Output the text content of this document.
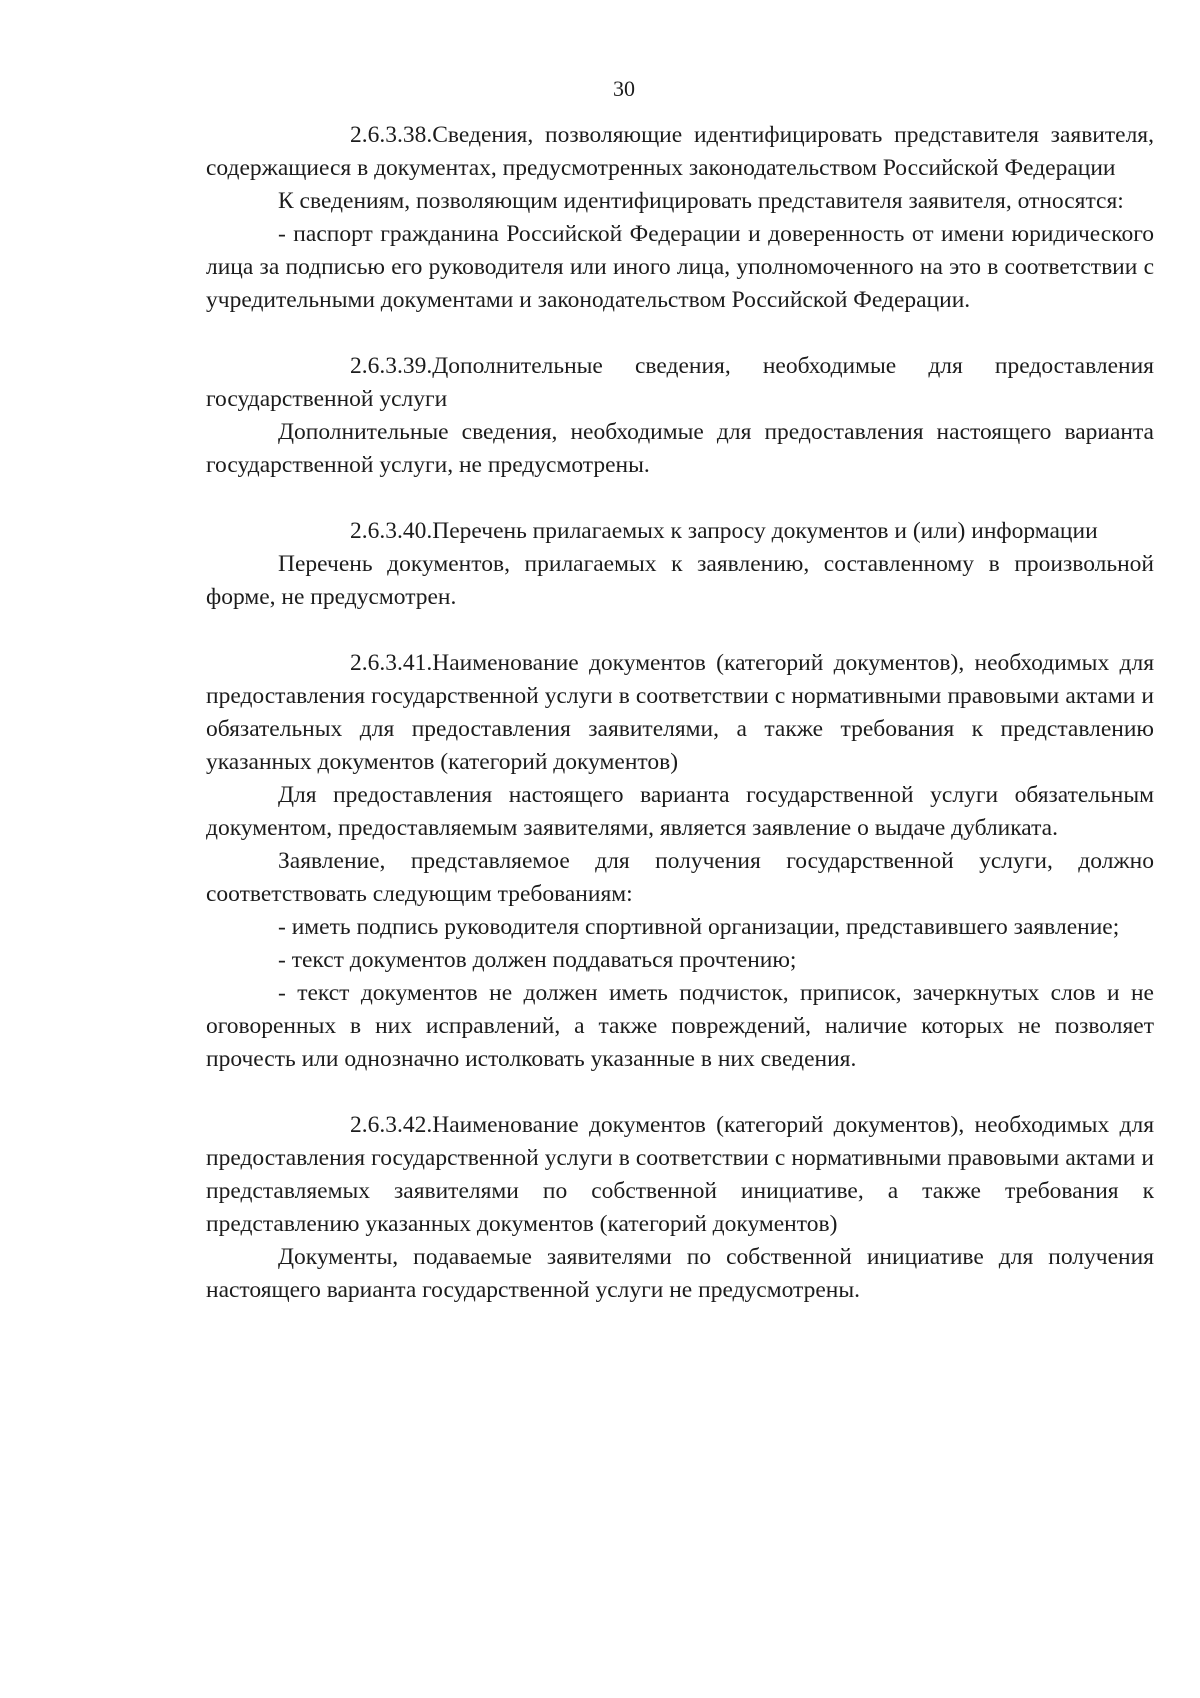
30

2.6.3.38.Сведения, позволяющие идентифицировать представителя заявителя, содержащиеся в документах, предусмотренных законодательством Российской Федерации

К сведениям, позволяющим идентифицировать представителя заявителя, относятся:

- паспорт гражданина Российской Федерации и доверенность от имени юридического лица за подписью его руководителя или иного лица, уполномоченного на это в соответствии с учредительными документами и законодательством Российской Федерации.

2.6.3.39.Дополнительные сведения, необходимые для предоставления государственной услуги

Дополнительные сведения, необходимые для предоставления настоящего варианта государственной услуги, не предусмотрены.

2.6.3.40.Перечень прилагаемых к запросу документов и (или) информации

Перечень документов, прилагаемых к заявлению, составленному в произвольной форме, не предусмотрен.

2.6.3.41.Наименование документов (категорий документов), необходимых для предоставления государственной услуги в соответствии с нормативными правовыми актами и обязательных для предоставления заявителями, а также требования к представлению указанных документов (категорий документов)

Для предоставления настоящего варианта государственной услуги обязательным документом, предоставляемым заявителями, является заявление о выдаче дубликата.

Заявление, представляемое для получения государственной услуги, должно соответствовать следующим требованиям:

- иметь подпись руководителя спортивной организации, представившего заявление;

- текст документов должен поддаваться прочтению;

- текст документов не должен иметь подчисток, приписок, зачеркнутых слов и не оговоренных в них исправлений, а также повреждений, наличие которых не позволяет прочесть или однозначно истолковать указанные в них сведения.

2.6.3.42.Наименование документов (категорий документов), необходимых для предоставления государственной услуги в соответствии с нормативными правовыми актами и представляемых заявителями по собственной инициативе, а также требования к представлению указанных документов (категорий документов)

Документы, подаваемые заявителями по собственной инициативе для получения настоящего варианта государственной услуги не предусмотрены.
